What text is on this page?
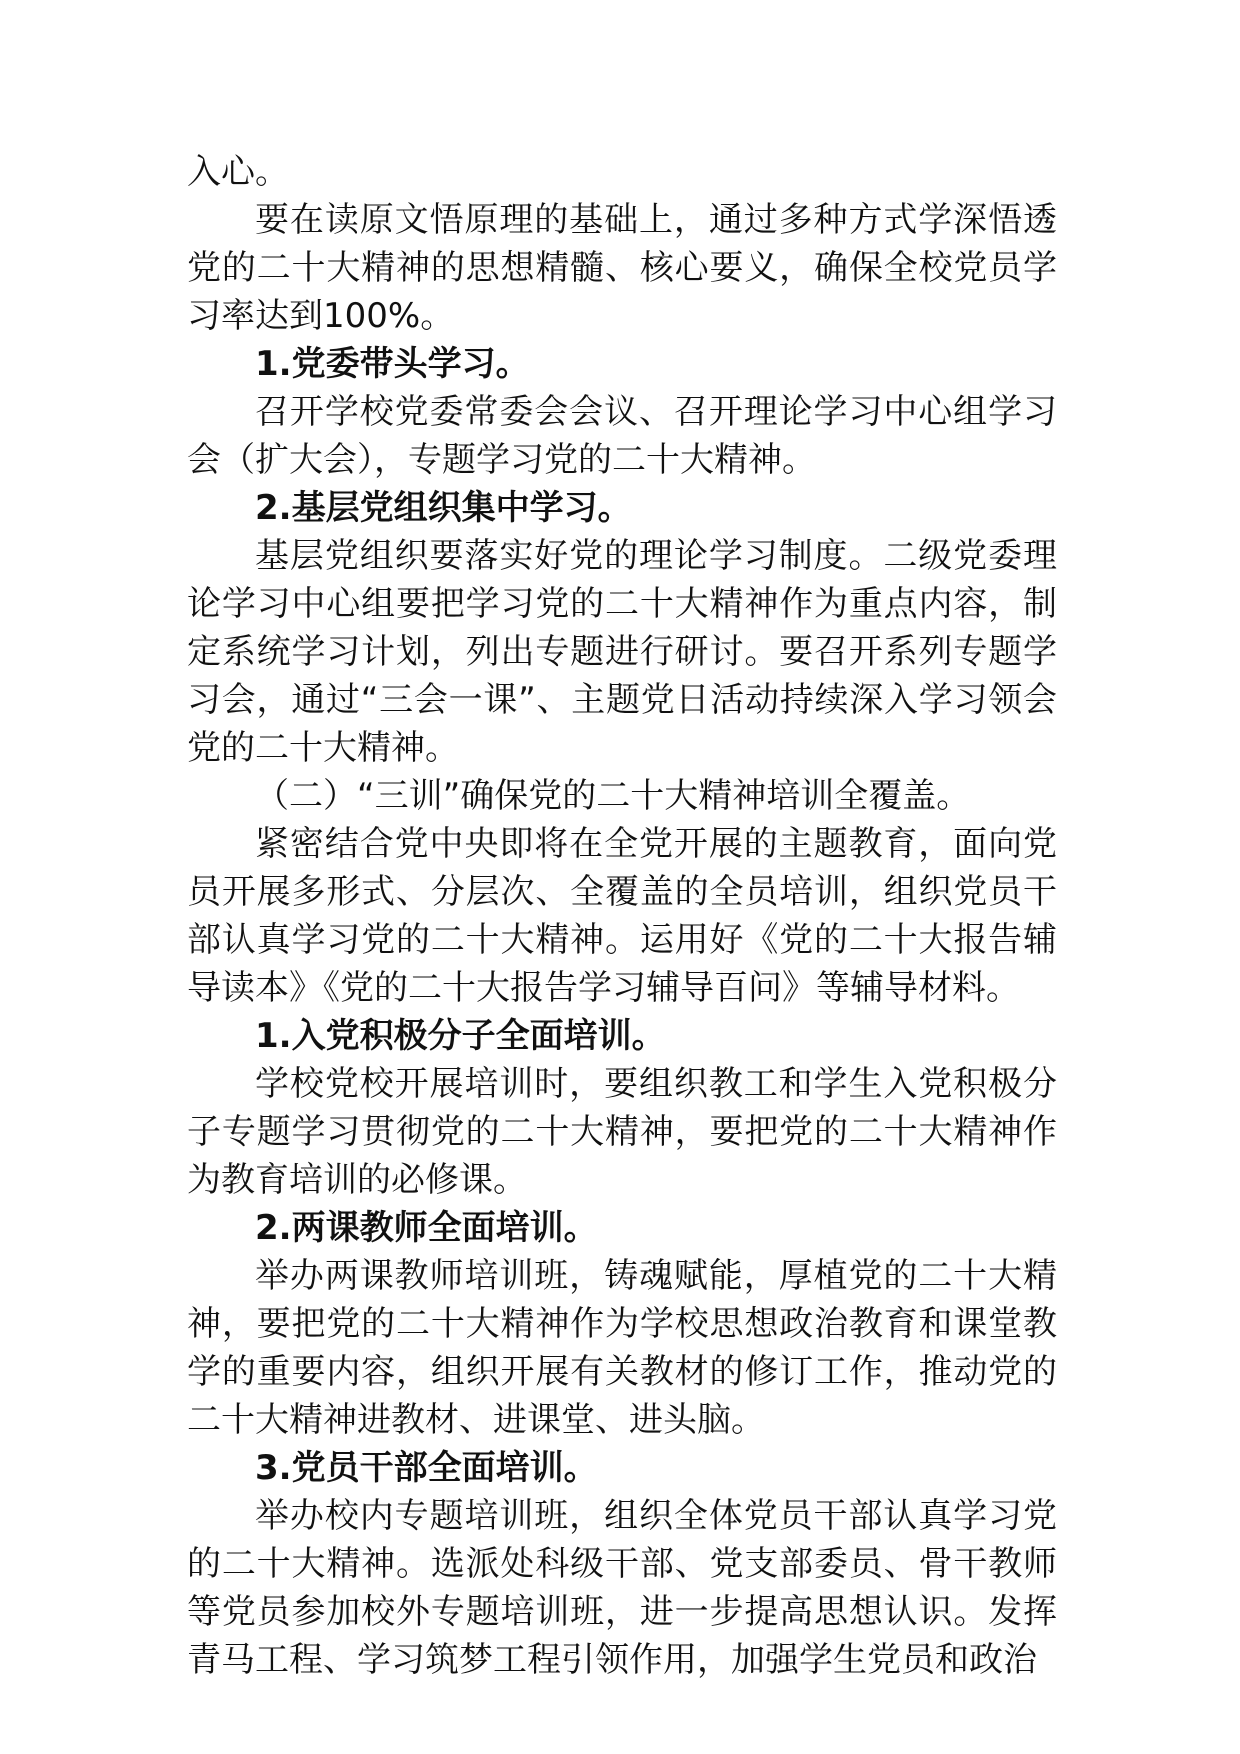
入心。

要在读原文悟原理的基础上，通过多种方式学深悟透党的二十大精神的思想精髓、核心要义，确保全校党员学习率达到100%。

1.党委带头学习。

召开学校党委常委会会议、召开理论学习中心组学习会（扩大会），专题学习党的二十大精神。

2.基层党组织集中学习。

基层党组织要落实好党的理论学习制度。二级党委理论学习中心组要把学习党的二十大精神作为重点内容，制定系统学习计划，列出专题进行研讨。要召开系列专题学习会，通过“三会一课”、主题党日活动持续深入学习领会党的二十大精神。

（二）“三训”确保党的二十大精神培训全覆盖。

紧密结合党中央即将在全党开展的主题教育，面向党员开展多形式、分层次、全覆盖的全员培训，组织党员干部认真学习党的二十大精神。运用好《党的二十大报告辅导读本》《党的二十大报告学习辅导百问》等辅导材料。

1.入党积极分子全面培训。

学校党校开展培训时，要组织教工和学生入党积极分子专题学习贯彻党的二十大精神，要把党的二十大精神作为教育培训的必修课。

2.两课教师全面培训。

举办两课教师培训班，铸魂赋能，厚植党的二十大精神，要把党的二十大精神作为学校思想政治教育和课堂教学的重要内容，组织开展有关教材的修订工作，推动党的二十大精神进教材、进课堂、进头脑。

3.党员干部全面培训。

举办校内专题培训班，组织全体党员干部认真学习党的二十大精神。选派处科级干部、党支部委员、骨干教师等党员参加校外专题培训班，进一步提高思想认识。发挥青马工程、学习筑梦工程引领作用，加强学生党员和政治
